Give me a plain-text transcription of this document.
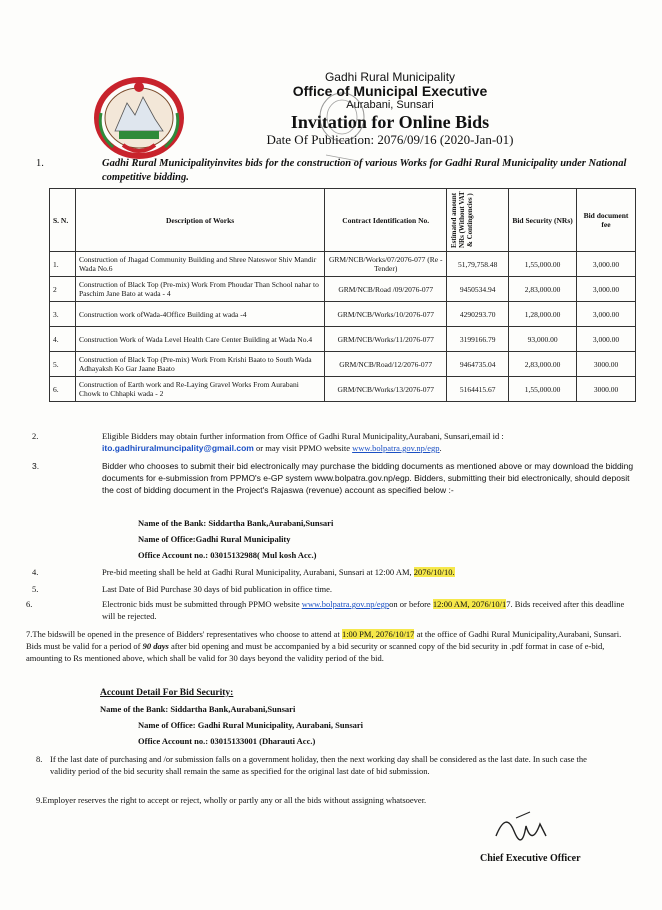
Gadhi Rural Municipality
Office of Municipal Executive
Aurabani, Sunsari
Invitation for Online Bids
Date Of Publication: 2076/09/16 (2020-Jan-01)
1.	Gadhi Rural Municipalityinvites bids for the construction of various Works for Gadhi Rural Municipality under National competitive bidding.
S. N.	Description of Works	Contract Identification No.	Estimated amount NRs (Without VAT & Contingencies )	Bid Security (NRs)	Bid document fee
1.	Construction of Jhagad Community Building and Shree Nateswor Shiv Mandir Wada No.6	GRM/NCB/Works/07/2076-077 (Re - Tender)	51,79,758.48	1,55,000.00	3,000.00
2	Construction of Black Top (Pre-mix) Work From Phoudar Than School nahar to Paschim Jane Bato at wada - 4	GRM/NCB/Road /09/2076-077	9450534.94	2,83,000.00	3,000.00
3.	Construction work ofWada-4Office Building at wada -4	GRM/NCB/Works/10/2076-077	4290293.70	1,28,000.00	3,000.00
4.	Construction Work of Wada Level Health Care Center Building at Wada No.4	GRM/NCB/Works/11/2076-077	3199166.79	93,000.00	3,000.00
5.	Construction of Black Top (Pre-mix) Work From Krishi Baato to South Wada Adhayaksh Ko Gar Jaane Baato	GRM/NCB/Road/12/2076-077	9464735.04	2,83,000.00	3000.00
6.	Construction of Earth work and Re-Laying Gravel Works From Aurabani Chowk to Chhapki wada - 2	GRM/NCB/Works/13/2076-077	5164415.67	1,55,000.00	3000.00
2.	Eligible Bidders may obtain further information from Office of Gadhi Rural Municipality,Aurabani, Sunsari,email id :
ito.gadhiruralmuncipality@gmail.com or may visit PPMO website www.bolpatra.gov.np/egp.
3.	Bidder who chooses to submit their bid electronically may purchase the bidding documents as mentioned above or may download the bidding documents for e-submission from PPMO's e-GP system www.bolpatra.gov.np/egp. Bidders, submitting their bid electronically, should deposit the cost of bidding document in the Project's Rajaswa (revenue) account as specified below :-
Name of the Bank: Siddartha Bank,Aurabani,Sunsari
Name of Office:Gadhi Rural Municipality
Office Account no.: 03015132988( Mul kosh Acc.)
4.	Pre-bid meeting shall be held at Gadhi Rural Municipality, Aurabani, Sunsari at 12:00 AM, 2076/10/10.
5.	Last Date of Bid Purchase 30 days of bid publication in office time.
6.	Electronic bids must be submitted through PPMO website www.bolpatra.gov.np/egpon or before 12:00 AM, 2076/10/17. Bids received after this deadline will be rejected.
7.The bidswill be opened in the presence of Bidders' representatives who choose to attend at 1:00 PM, 2076/10/17 at the office of Gadhi Rural Municipality,Aurabani, Sunsari. Bids must be valid for a period of 90 days after bid opening and must be accompanied by a bid security or scanned copy of the bid security in .pdf format in case of e-bid, amounting to Rs mentioned above, which shall be valid for 30 days beyond the validity period of the bid.
Account Detail For Bid Security:
Name of the Bank: Siddartha Bank,Aurabani,Sunsari
Name of Office: Gadhi Rural Municipality, Aurabani, Sunsari
Office Account no.: 03015133001 (Dharauti Acc.)
8. If the last date of purchasing and /or submission falls on a government holiday, then the next working day shall be considered as the last date. In such case the validity period of the bid security shall remain the same as specified for the original last date of bid submission.
9.Employer reserves the right to accept or reject, wholly or partly any or all the bids without assigning whatsoever.
Chief Executive Officer
